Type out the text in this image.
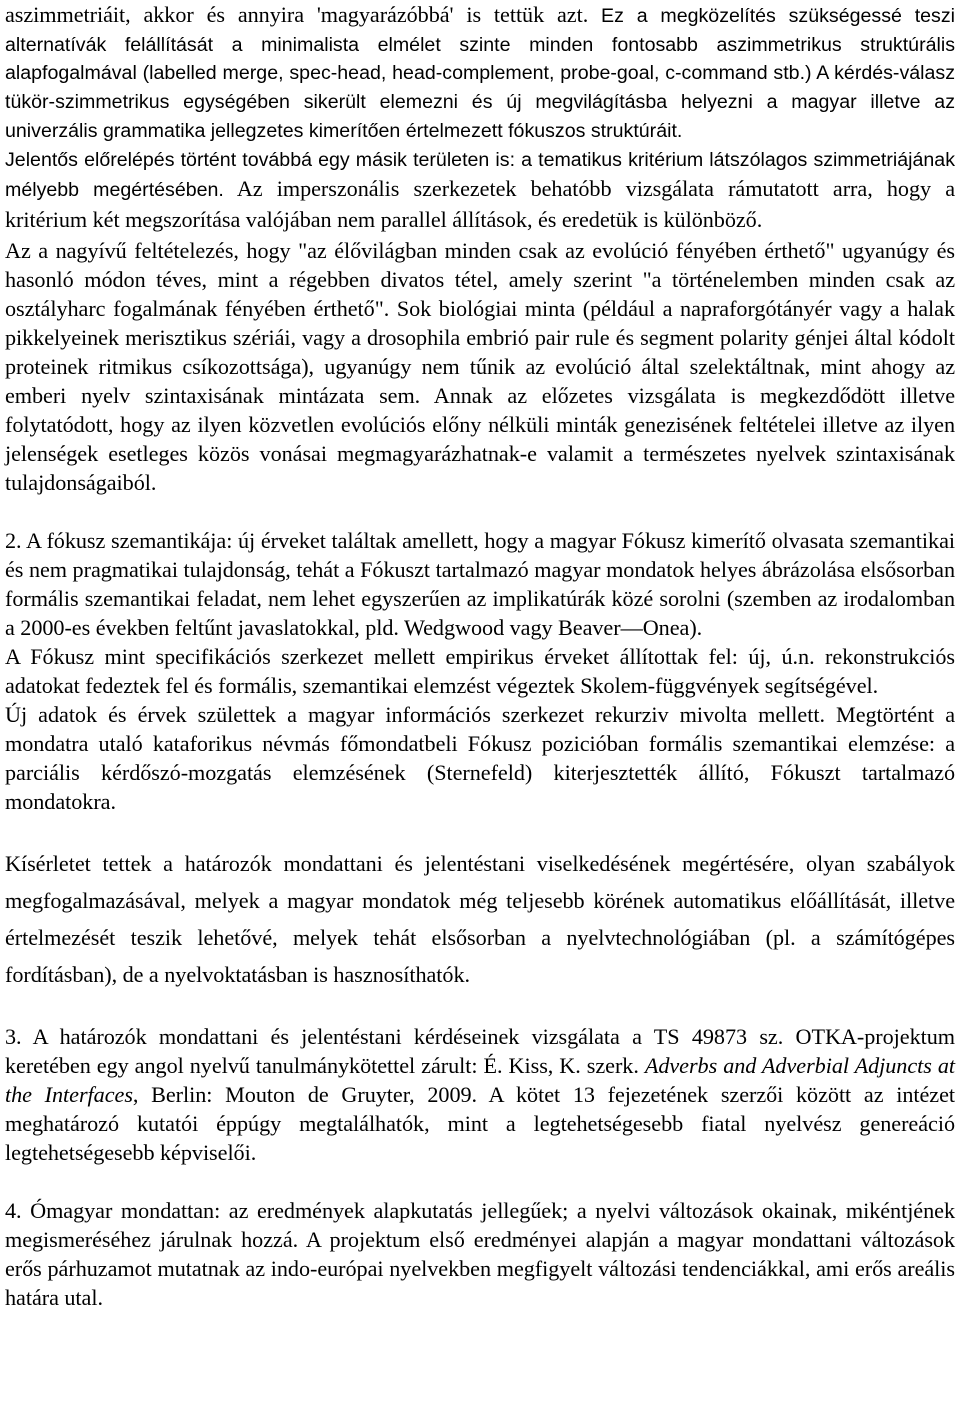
aszimmetriáit, akkor és annyira 'magyarázóbbá' is tettük azt. Ez a megközelítés szükségessé teszi alternatívák felállítását a minimalista elmélet szinte minden fontosabb aszimmetrikus struktúrális alapfogalmával (labelled merge, spec-head, head-complement, probe-goal, c-command stb.) A kérdés-válasz tükör-szimmetrikus egységében sikerült elemezni és új megvilágításba helyezni a magyar illetve az univerzális grammatika jellegzetes kimerítően értelmezett fókuszos struktúráit.

Jelentős előrelépés történt továbbá egy másik területen is: a tematikus kritérium látszólagos szimmetriájának mélyebb megértésében. Az imperszonális szerkezetek behatóbb vizsgálata rámutatott arra, hogy a kritérium két megszorítása valójában nem parallel állítások, és eredetük is különböző.

Az a nagyívű feltételezés, hogy "az élővilágban minden csak az evolúció fényében érthető" ugyanúgy és hasonló módon téves, mint a régebben divatos tétel, amely szerint "a történelemben minden csak az osztályharc fogalmának fényében érthető". Sok biológiai minta (például a napraforgótányér vagy a halak pikkelyeinek merisztikus szériái, vagy a drosophila embrió pair rule és segment polarity génjei által kódolt proteinek ritmikus csíkozottsága), ugyanúgy nem tűnik az evolúció által szelektáltnak, mint ahogy az emberi nyelv szintaxisának mintázata sem. Annak az előzetes vizsgálata is megkezdődött illetve folytatódott, hogy az ilyen közvetlen evolúciós előny nélküli minták genezisének feltételei illetve az ilyen jelenségek esetleges közös vonásai megmagyarázhatnak-e valamit a természetes nyelvek szintaxisának tulajdonságaiból.

2. A fókusz szemantikája: új érveket találtak amellett, hogy a magyar Fókusz kimerítő olvasata szemantikai és nem pragmatikai tulajdonság, tehát a Fókuszt tartalmazó magyar mondatok helyes ábrázolása elsősorban formális szemantikai feladat, nem lehet egyszerűen az implikatúrák közé sorolni (szemben az irodalomban a 2000-es években feltűnt javaslatokkal, pld. Wedgwood vagy Beaver—Onea).

A Fókusz mint specifikációs szerkezet mellett empirikus érveket állítottak fel: új, ú.n. rekonstrukciós adatokat fedeztek fel és formális, szemantikai elemzést végeztek Skolem-függvények segítségével.

Új adatok és érvek születtek a magyar információs szerkezet rekurziv mivolta mellett. Megtörtént a mondatra utaló kataforikus névmás főmondatbeli Fókusz pozicióban formális szemantikai elemzése: a parciális kérdőszó-mozgatás elemzésének (Sternefeld) kiterjesztették állító, Fókuszt tartalmazó mondatokra.

Kísérletet tettek a határozók mondattani és jelentéstani viselkedésének megértésére, olyan szabályok megfogalmazásával, melyek a magyar mondatok még teljesebb körének automatikus előállítását, illetve értelmezését teszik lehetővé, melyek tehát elsősorban a nyelvtechnológiában (pl. a számítógépes fordításban), de a nyelvoktatásban is hasznosíthatók.

3. A határozók mondattani és jelentéstani kérdéseinek vizsgálata a TS 49873 sz. OTKA-projektum keretében egy angol nyelvű tanulmánykötettel zárult: É. Kiss, K. szerk. Adverbs and Adverbial Adjuncts at the Interfaces, Berlin: Mouton de Gruyter, 2009. A kötet 13 fejezetének szerzői között az intézet meghatározó kutatói éppúgy megtalálhatók, mint a legtehetségesebb fiatal nyelvész genereáció legtehetségesebb képviselői.

4. Ómagyar mondattan: az eredmények alapkutatás jellegűek; a nyelvi változások okainak, mikéntjének megismeréséhez járulnak hozzá. A projektum első eredményei alapján a magyar mondattani változások erős párhuzamot mutatnak az indo-európai nyelvekben megfigyelt változási tendenciákkal, ami erős areális határa utal.
